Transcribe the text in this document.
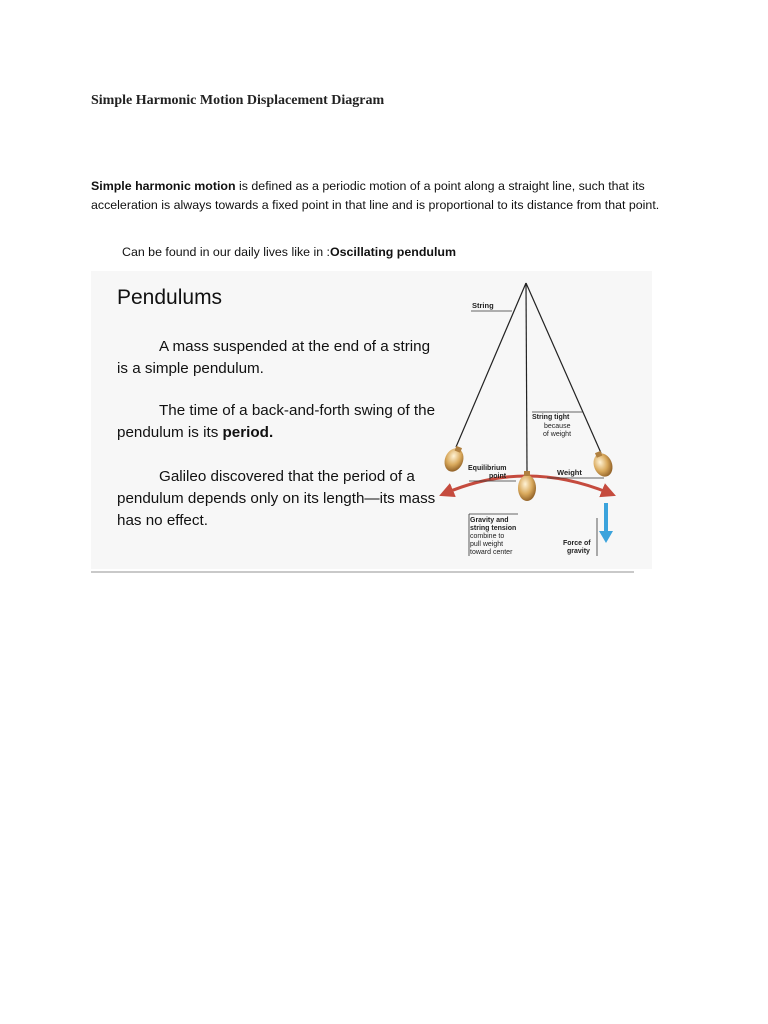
Simple Harmonic Motion Displacement Diagram

Simple harmonic motion is defined as a periodic motion of a point along a straight line, such that its acceleration is always towards a fixed point in that line and is proportional to its distance from that point.

Can be found in our daily lives like in :Oscillating pendulum

Pendulums

A mass suspended at the end of a string is a simple pendulum.

The time of a back-and-forth swing of the pendulum is its period.

Galileo discovered that the period of a pendulum depends only on its length—its mass has no effect.

String
String tight
because
of weight
Equilibrium
point	Weight
Gravity and
string tension
combine to
pull weight
toward center
Force of
gravity
